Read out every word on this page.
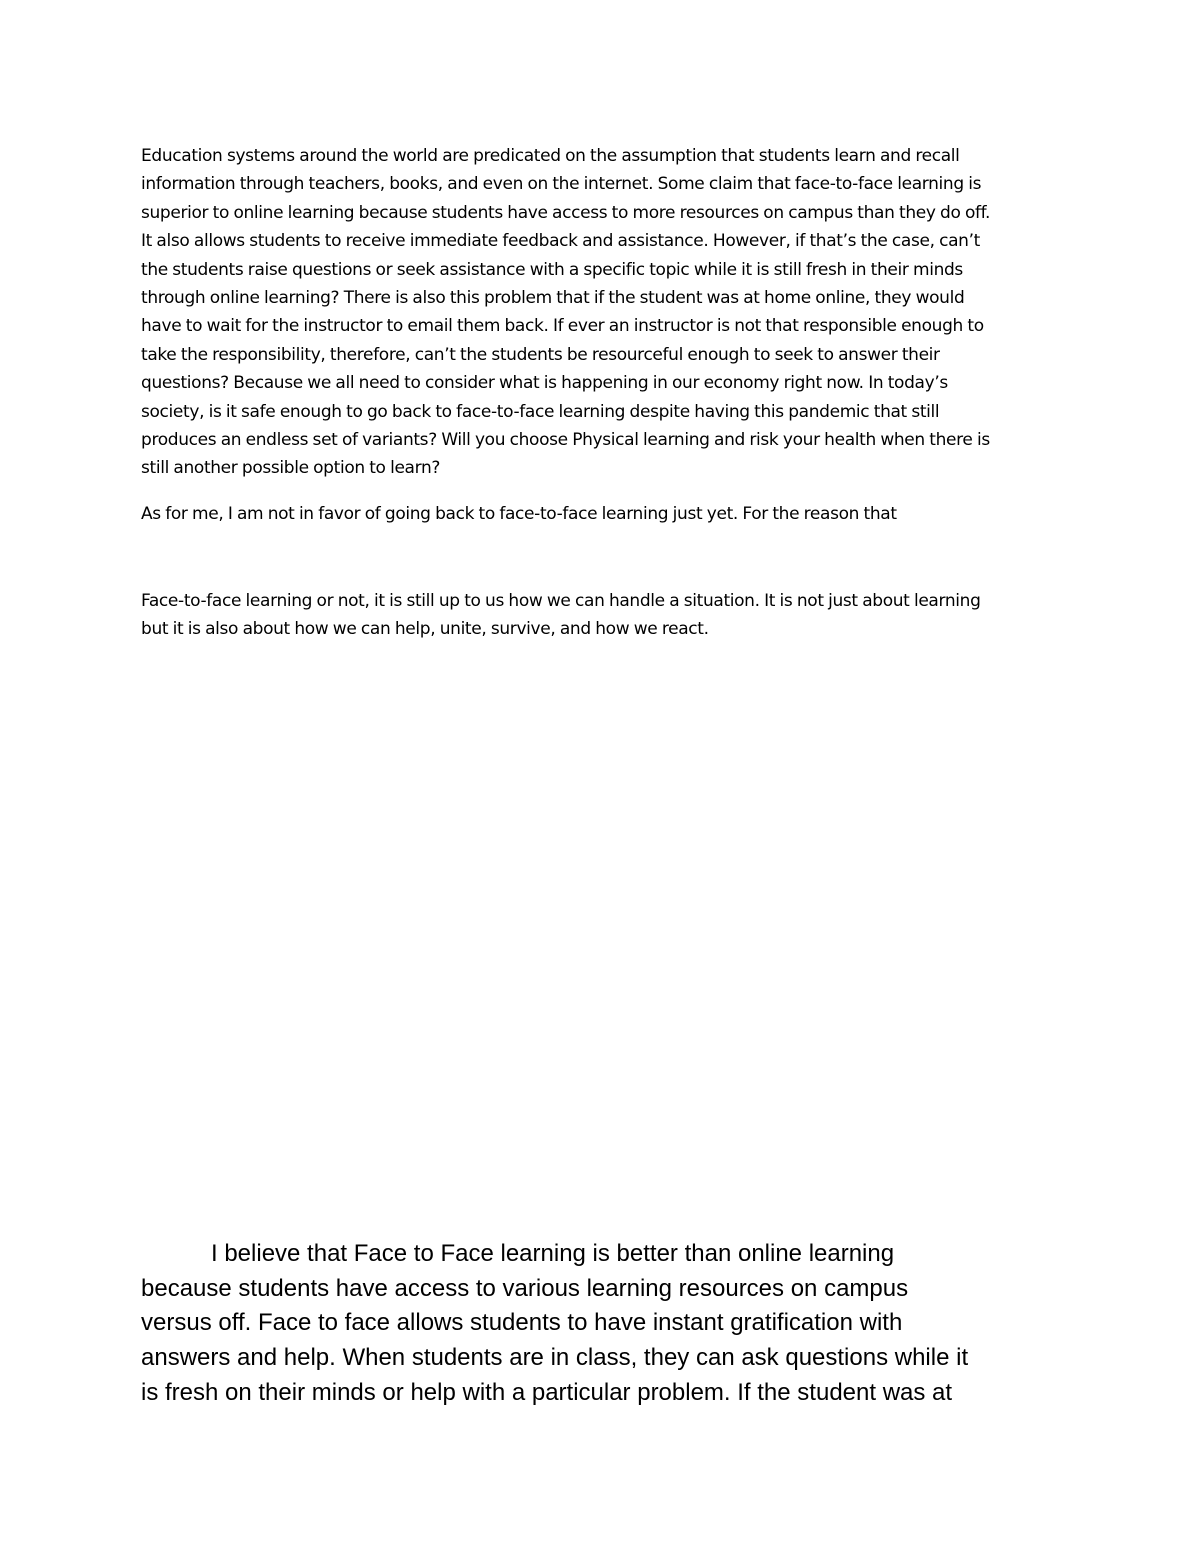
Education systems around the world are predicated on the assumption that students learn and recall
information through teachers, books, and even on the internet. Some claim that face-to-face learning is
superior to online learning because students have access to more resources on campus than they do off.
It also allows students to receive immediate feedback and assistance. However, if that’s the case, can’t
the students raise questions or seek assistance with a specific topic while it is still fresh in their minds
through online learning? There is also this problem that if the student was at home online, they would
have to wait for the instructor to email them back. If ever an instructor is not that responsible enough to
take the responsibility, therefore, can’t the students be resourceful enough to seek to answer their
questions? Because we all need to consider what is happening in our economy right now. In today’s
society, is it safe enough to go back to face-to-face learning despite having this pandemic that still
produces an endless set of variants? Will you choose Physical learning and risk your health when there is
still another possible option to learn?
As for me, I am not in favor of going back to face-to-face learning just yet. For the reason that
Face-to-face learning or not, it is still up to us how we can handle a situation. It is not just about learning
but it is also about how we can help, unite, survive, and how we react.
I believe that Face to Face learning is better than online learning
because students have access to various learning resources on campus
versus off. Face to face allows students to have instant gratification with
answers and help. When students are in class, they can ask questions while it
is fresh on their minds or help with a particular problem. If the student was at
